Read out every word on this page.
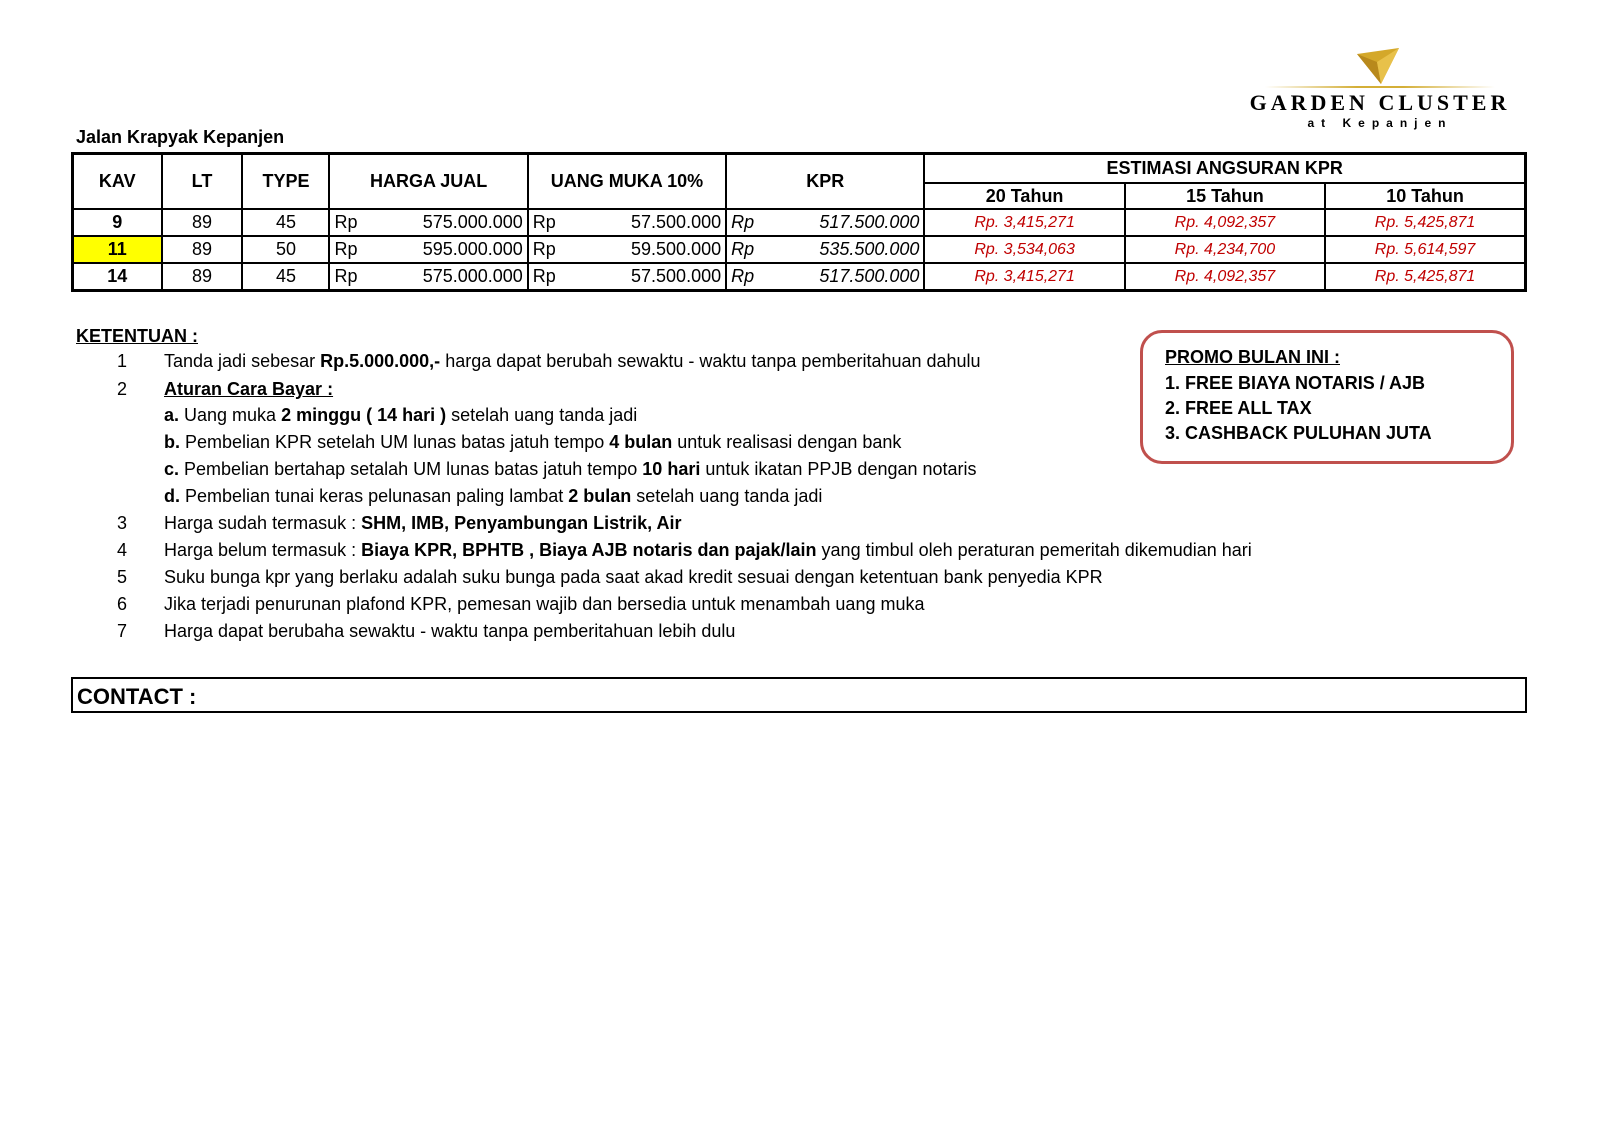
GARDEN CLUSTER
at Kepanjen
Jalan Krapyak Kepanjen
KAV	LT	TYPE	HARGA JUAL	UANG MUKA 10%	KPR	ESTIMASI ANGSURAN KPR		
						20 Tahun	15 Tahun	10 Tahun
9	89	45	Rp 575.000.000	Rp 57.500.000	Rp 517.500.000	Rp. 3,415,271	Rp. 4,092,357	Rp. 5,425,871
11	89	50	Rp 595.000.000	Rp 59.500.000	Rp 535.500.000	Rp. 3,534,063	Rp. 4,234,700	Rp. 5,614,597
14	89	45	Rp 575.000.000	Rp 57.500.000	Rp 517.500.000	Rp. 3,415,271	Rp. 4,092,357	Rp. 5,425,871
KETENTUAN :
1 Tanda jadi sebesar Rp.5.000.000,- harga dapat berubah sewaktu - waktu tanpa pemberitahuan dahulu
2 Aturan Cara Bayar :
a. Uang muka 2 minggu ( 14 hari ) setelah uang tanda jadi
b. Pembelian KPR setelah UM lunas batas jatuh tempo 4 bulan untuk realisasi dengan bank
c. Pembelian bertahap setalah UM lunas batas jatuh tempo 10 hari untuk ikatan PPJB dengan notaris
d. Pembelian tunai keras pelunasan paling lambat 2 bulan setelah uang tanda jadi
3 Harga sudah termasuk : SHM, IMB, Penyambungan Listrik, Air
4 Harga belum termasuk : Biaya KPR, BPHTB , Biaya AJB notaris dan pajak/lain yang timbul oleh peraturan pemeritah dikemudian hari
5 Suku bunga kpr yang berlaku adalah suku bunga pada saat akad kredit sesuai dengan ketentuan bank penyedia KPR
6 Jika terjadi penurunan plafond KPR, pemesan wajib dan bersedia untuk menambah uang muka
7 Harga dapat berubaha sewaktu - waktu tanpa pemberitahuan lebih dulu
PROMO BULAN INI :
1. FREE BIAYA NOTARIS / AJB
2. FREE ALL TAX
3. CASHBACK PULUHAN JUTA
CONTACT :
